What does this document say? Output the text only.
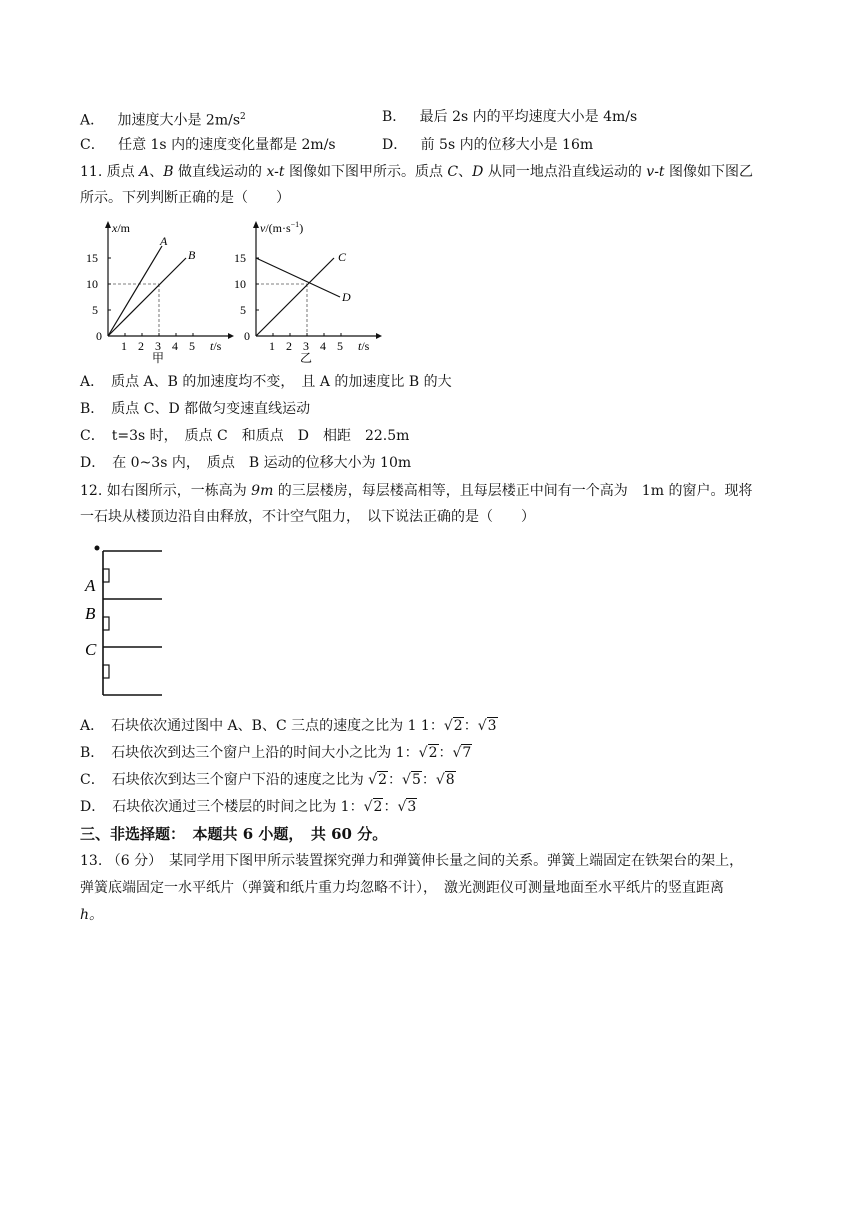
A． 加速度大小是 $2m/s^2$	B． 最后 2s 内的平均速度大小是 4m/s
C． 任意 1s 内的速度变化量都是 2m/s	D． 前 5s 内的位移大小是 16m
11. 质点 A、B 做直线运动的 x-t 图像如下图甲所示。质点 C、D 从同一地点沿直线运动的 v-t 图像如下图乙
所示。下列判断正确的是（　　）
x/m
A
B
5
10
15
0
1 2 3 4 5 t/s
甲
$v/(m\cdot s^{-1})$
C
D
5
10
15
0
1 2 3 4 5 t/s
乙
A．　质点 A、B 的加速度均不变，　且 A 的加速度比 B 的大
B．　质点 C、D 都做匀变速直线运动
C．　t=3s 时，　质点 C　和质点　D　相距　22.5m
D．　在 0~3s 内，　质点　B 运动的位移大小为 10m
12. 如右图所示，一栋高为 9m 的三层楼房，每层楼高相等，且每层楼正中间有一个高为　1m 的窗户。现将
一石块从楼顶边沿自由释放，不计空气阻力，　以下说法正确的是（　　）
A
B
C
A．　石块依次通过图中 A、B、C 三点的速度之比为 1 1：√2：√3
B．　石块依次到达三个窗户上沿的时间大小之比为 1：√2：√7
C．　石块依次到达三个窗户下沿的速度之比为 √2：√5：√8
D．　石块依次通过三个楼层的时间之比为 1：√2：√3
三、非选择题：　本题共 6 小题，　共 60 分。
13. （6 分）　某同学用下图甲所示装置探究弹力和弹簧伸长量之间的关系。弹簧上端固定在铁架台的架上，
弹簧底端固定一水平纸片（弹簧和纸片重力均忽略不计），　激光测距仪可测量地面至水平纸片的竖直距离
h。
